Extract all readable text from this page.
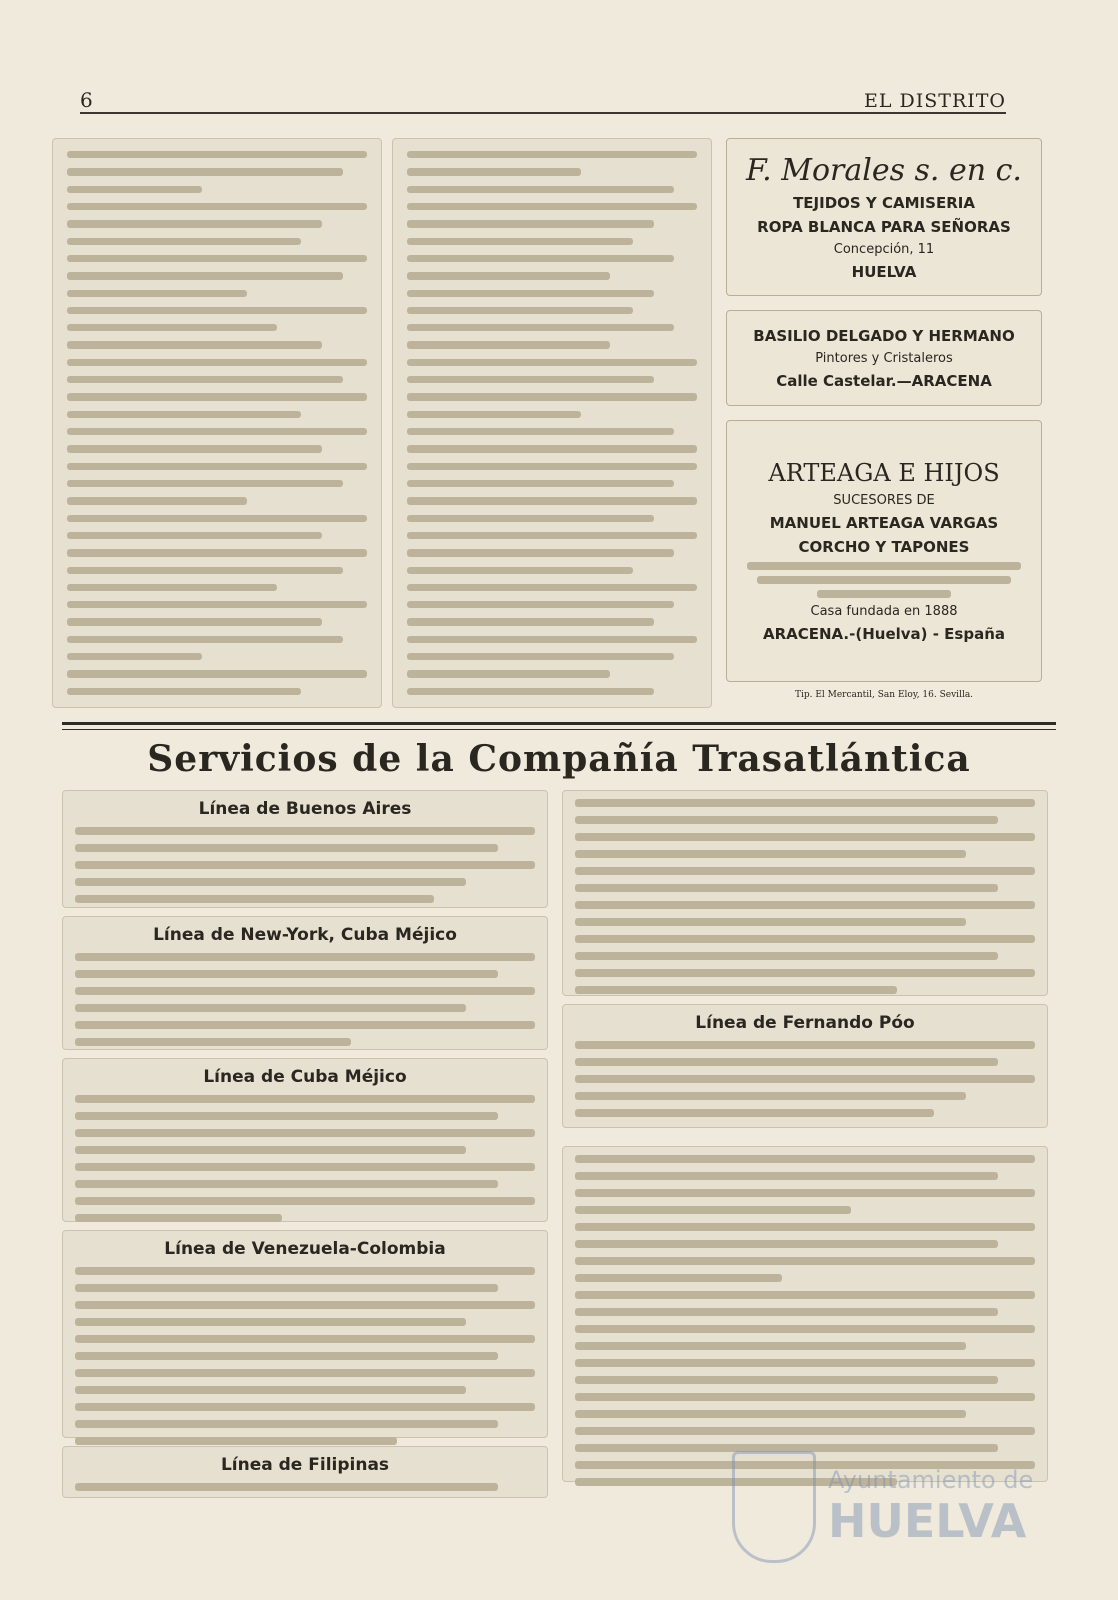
6	EL DISTRITO
F. Morales s. en c.
TEJIDOS Y CAMISERIA
ROPA BLANCA PARA SEÑORAS
Concepción, 11
HUELVA
BASILIO DELGADO Y HERMANO
Pintores y Cristaleros
Calle Castelar.—ARACENA
ARTEAGA E HIJOS
SUCESORES DE
MANUEL ARTEAGA VARGAS
CORCHO Y TAPONES
Casa fundada en 1888
ARACENA.-(Huelva) - España
Tip. El Mercantil, San Eloy, 16. Sevilla.
Servicios de la Compañía Trasatlántica
Línea de Buenos Aires
Línea de New-York, Cuba Méjico
Línea de Cuba Méjico
Línea de Venezuela-Colombia
Línea de Filipinas
Línea de Fernando Póo
Ayuntamiento de
HUELVA
